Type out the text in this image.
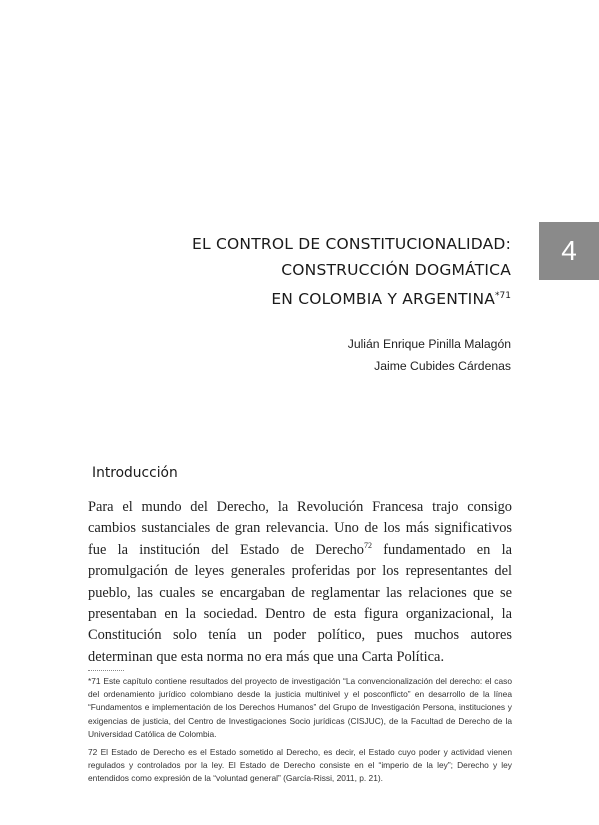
4
EL CONTROL DE CONSTITUCIONALIDAD:
CONSTRUCCIÓN DOGMÁTICA
EN COLOMBIA Y ARGENTINA$^{*71}$
Julián Enrique Pinilla Malagón
Jaime Cubides Cárdenas
Introducción
Para el mundo del Derecho, la Revolución Francesa trajo consigo cambios sustanciales de gran relevancia. Uno de los más significativos fue la institución del Estado de Derecho$^{72}$ fundamentado en la promulgación de leyes generales proferidas por los representantes del pueblo, las cuales se encargaban de reglamentar las relaciones que se presentaban en la sociedad. Dentro de esta figura organizacional, la Constitución solo tenía un poder político, pues muchos autores determinan que esta norma no era más que una Carta Política.

*71 Este capítulo contiene resultados del proyecto de investigación “La convencionalización del derecho: el caso del ordenamiento jurídico colombiano desde la justicia multinivel y el posconflicto” en desarrollo de la línea “Fundamentos e implementación de los Derechos Humanos” del Grupo de Investigación Persona, instituciones y exigencias de justicia, del Centro de Investigaciones Socio jurídicas (CISJUC), de la Facultad de Derecho de la Universidad Católica de Colombia.

72 El Estado de Derecho es el Estado sometido al Derecho, es decir, el Estado cuyo poder y actividad vienen regulados y controlados por la ley. El Estado de Derecho consiste en el “imperio de la ley”; Derecho y ley entendidos como expresión de la “voluntad general” (García-Rissi, 2011, p. 21).
